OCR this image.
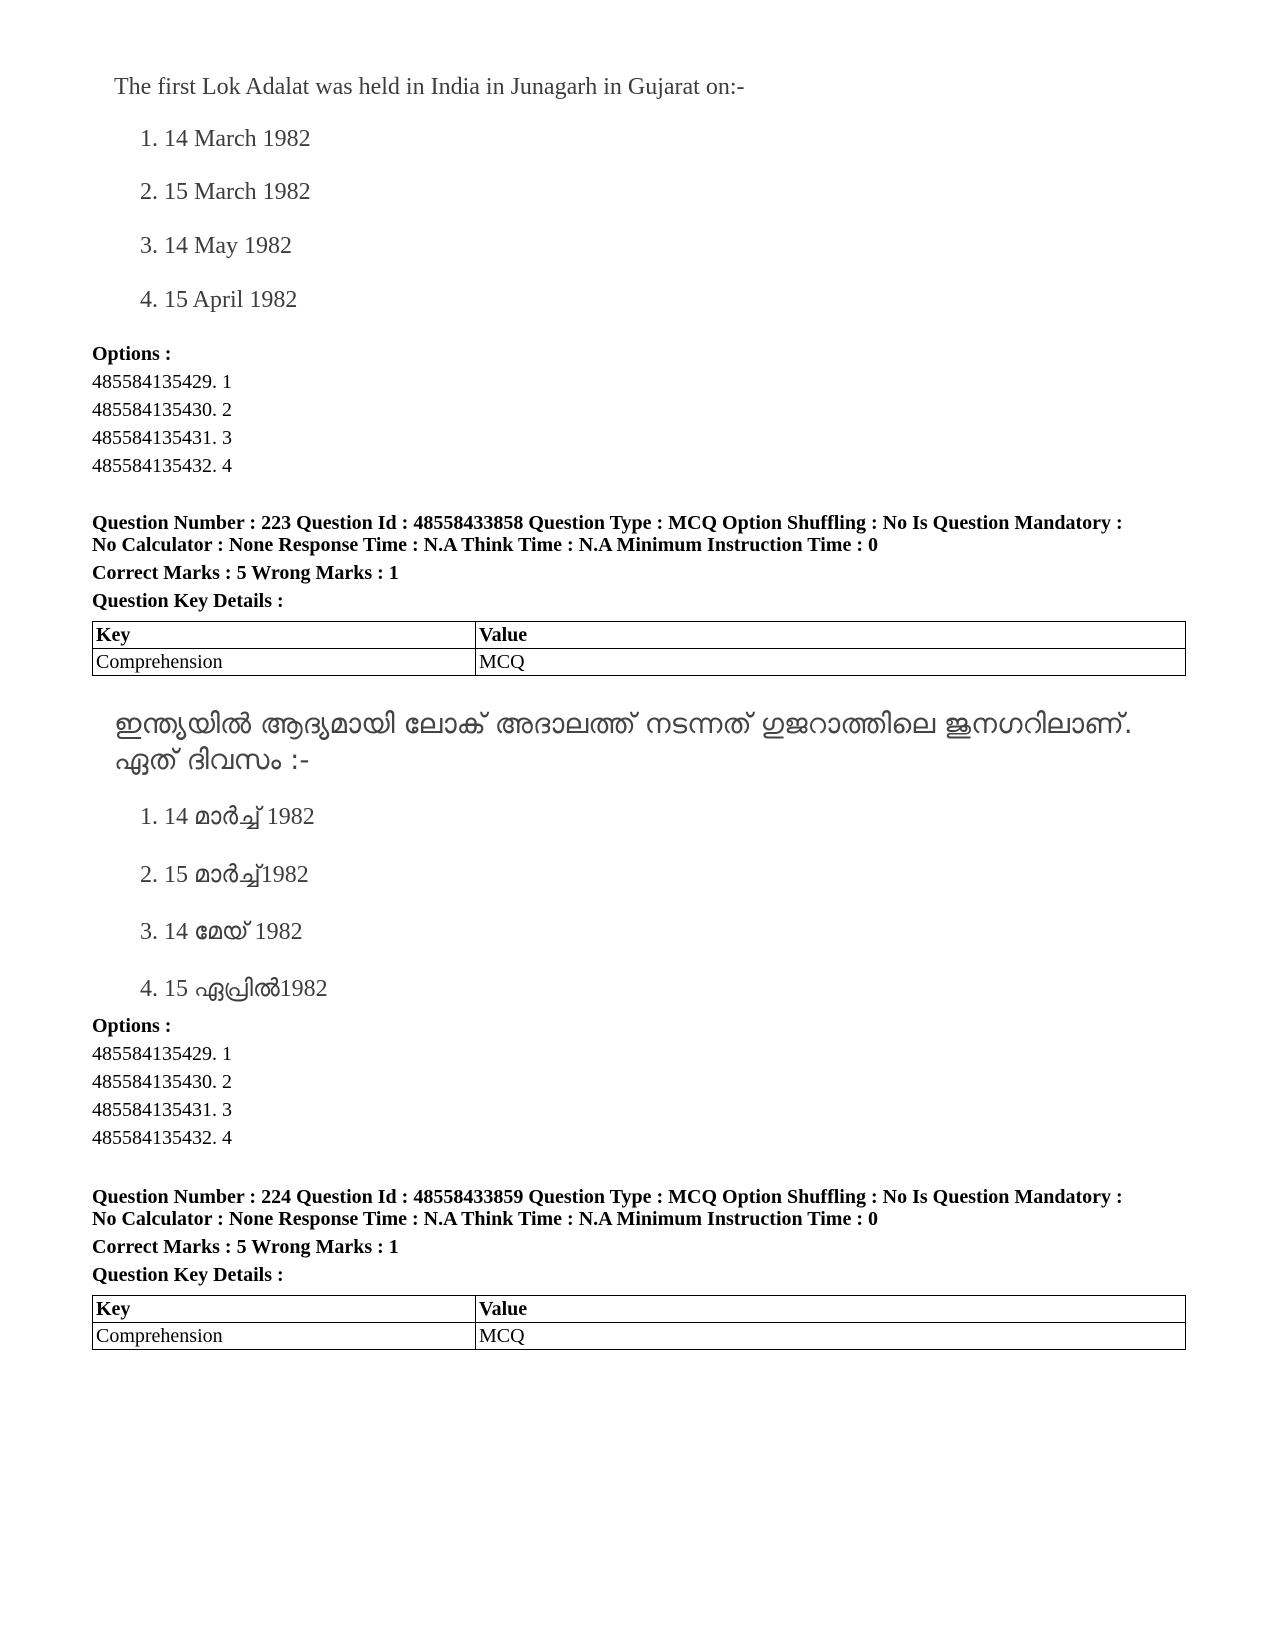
The first Lok Adalat was held in India in Junagarh in Gujarat on:-
1. 14 March 1982
2. 15 March 1982
3. 14 May 1982
4. 15 April 1982
Options :
485584135429. 1
485584135430. 2
485584135431. 3
485584135432. 4
Question Number : 223 Question Id : 48558433858 Question Type : MCQ Option Shuffling : No Is Question Mandatory :
No Calculator : None Response Time : N.A Think Time : N.A Minimum Instruction Time : 0
Correct Marks : 5 Wrong Marks : 1
Question Key Details :
Key	Value
Comprehension	MCQ
ഇന്ത്യയിൽ ആദ്യമായി ലോക് അദാലത്ത് നടന്നത് ഗുജറാത്തിലെ ജുനഗറിലാണ്.
ഏത് ദിവസം :-
1. 14 മാർച്ച് 1982
2. 15 മാർച്ച്1982
3. 14 മേയ് 1982
4. 15 ഏപ്രിൽ1982
Options :
485584135429. 1
485584135430. 2
485584135431. 3
485584135432. 4
Question Number : 224 Question Id : 48558433859 Question Type : MCQ Option Shuffling : No Is Question Mandatory :
No Calculator : None Response Time : N.A Think Time : N.A Minimum Instruction Time : 0
Correct Marks : 5 Wrong Marks : 1
Question Key Details :
Key	Value
Comprehension	MCQ
